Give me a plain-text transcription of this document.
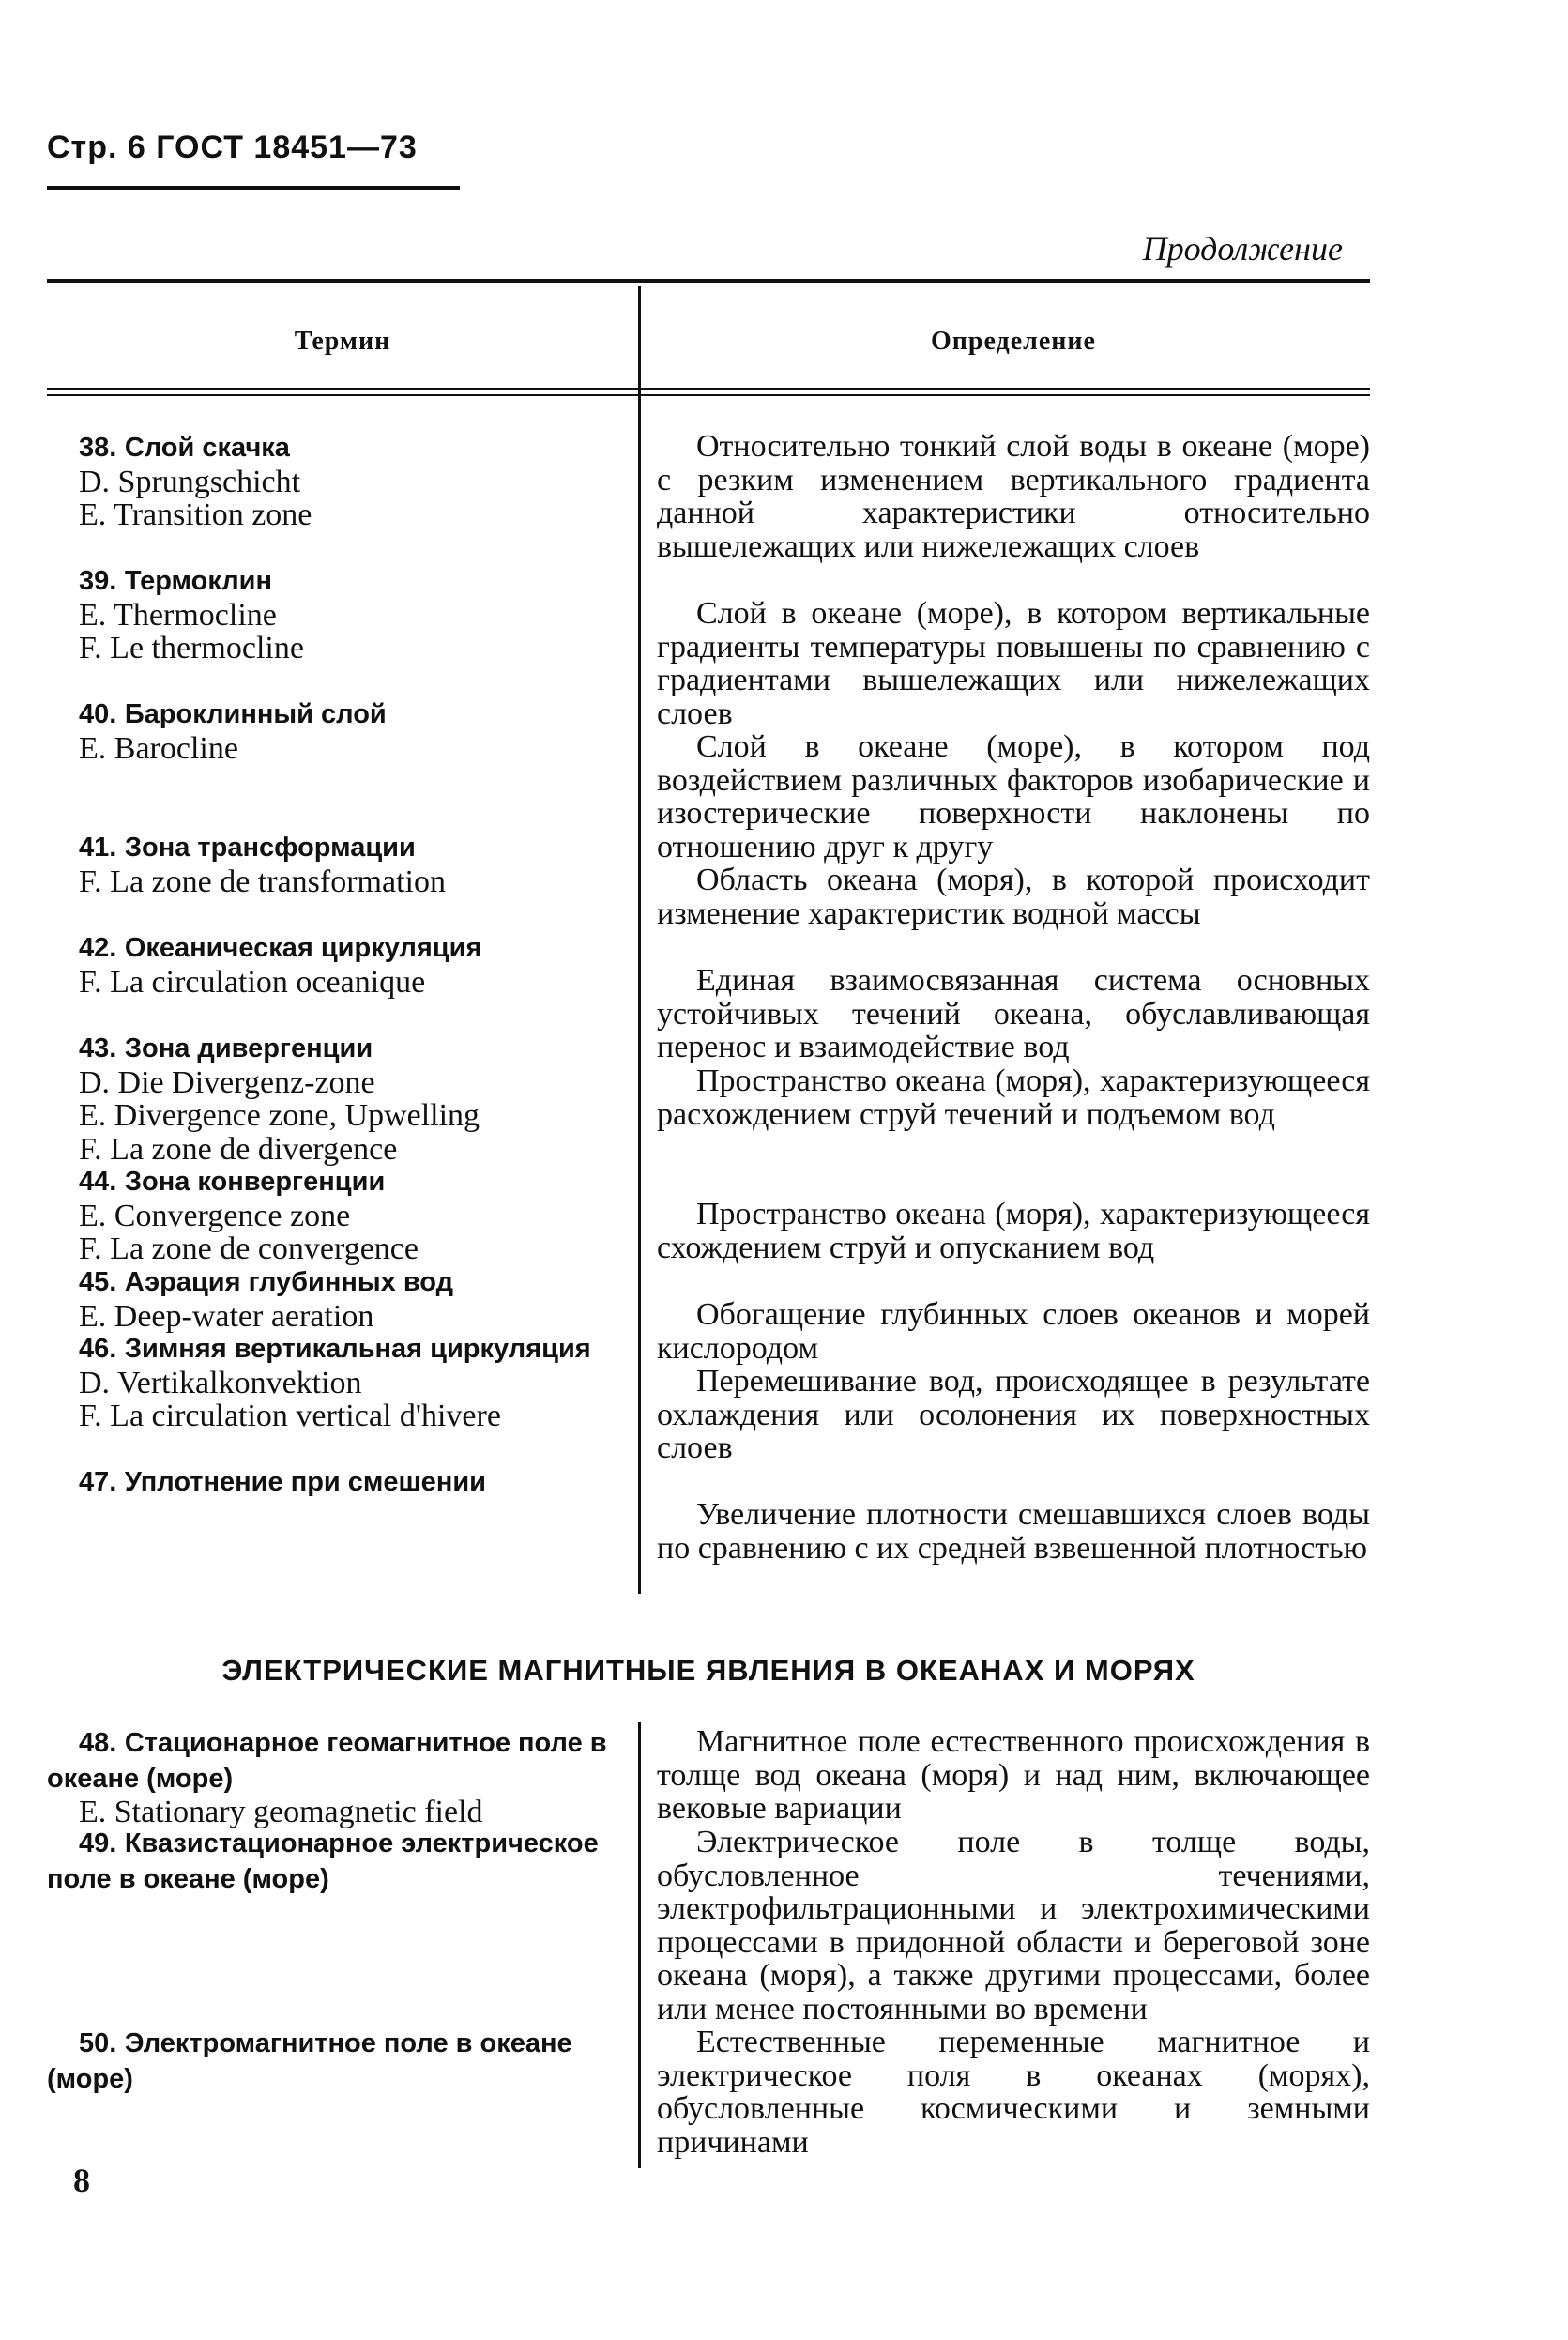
Стр. 6 ГОСТ 18451—73
Продолжение
Термин	Определение
38. Слой скачка
D. Sprungschicht
E. Transition zone
39. Термоклин
E. Thermocline
F. Le thermocline
40. Бароклинный слой
E. Barocline
41. Зона трансформации
F. La zone de transformation
42. Океаническая циркуляция
F. La circulation oceanique
43. Зона дивергенции
D. Die Divergenz-zone
E. Divergence zone, Upwelling
F. La zone de divergence
44. Зона конвергенции
E. Convergence zone
F. La zone de convergence
45. Аэрация глубинных вод
E. Deep-water aeration
46. Зимняя вертикальная циркуляция
D. Vertikalkonvektion
F. La circulation vertical d'hivere
47. Уплотнение при смешении
Относительно тонкий слой воды в океане (море) с резким изменением вертикального градиента данной характеристики относительно вышележащих или нижележащих слоев
Слой в океане (море), в котором вертикальные градиенты температуры повышены по сравнению с градиентами вышележащих или нижележащих слоев
Слой в океане (море), в котором под воздействием различных факторов изобарические и изостерические поверхности наклонены по отношению друг к другу
Область океана (моря), в которой происходит изменение характеристик водной массы
Единая взаимосвязанная система основных устойчивых течений океана, обуславливающая перенос и взаимодействие вод
Пространство океана (моря), характеризующееся расхождением струй течений и подъемом вод
Пространство океана (моря), характеризующееся схождением струй и опусканием вод
Обогащение глубинных слоев океанов и морей кислородом
Перемешивание вод, происходящее в результате охлаждения или осолонения их поверхностных слоев
Увеличение плотности смешавшихся слоев воды по сравнению с их средней взвешенной плотностью
ЭЛЕКТРИЧЕСКИЕ МАГНИТНЫЕ ЯВЛЕНИЯ В ОКЕАНАХ И МОРЯХ
48. Стационарное геомагнитное поле в океане (море)
E. Stationary geomagnetic field
49. Квазистационарное электрическое поле в океане (море)
50. Электромагнитное поле в океане (море)
Магнитное поле естественного происхождения в толще вод океана (моря) и над ним, включающее вековые вариации
Электрическое поле в толще воды, обусловленное течениями, электрофильтрационными и электрохимическими процессами в придонной области и береговой зоне океана (моря), а также другими процессами, более или менее постоянными во времени
Естественные переменные магнитное и электрическое поля в океанах (морях), обусловленные космическими и земными причинами
8
